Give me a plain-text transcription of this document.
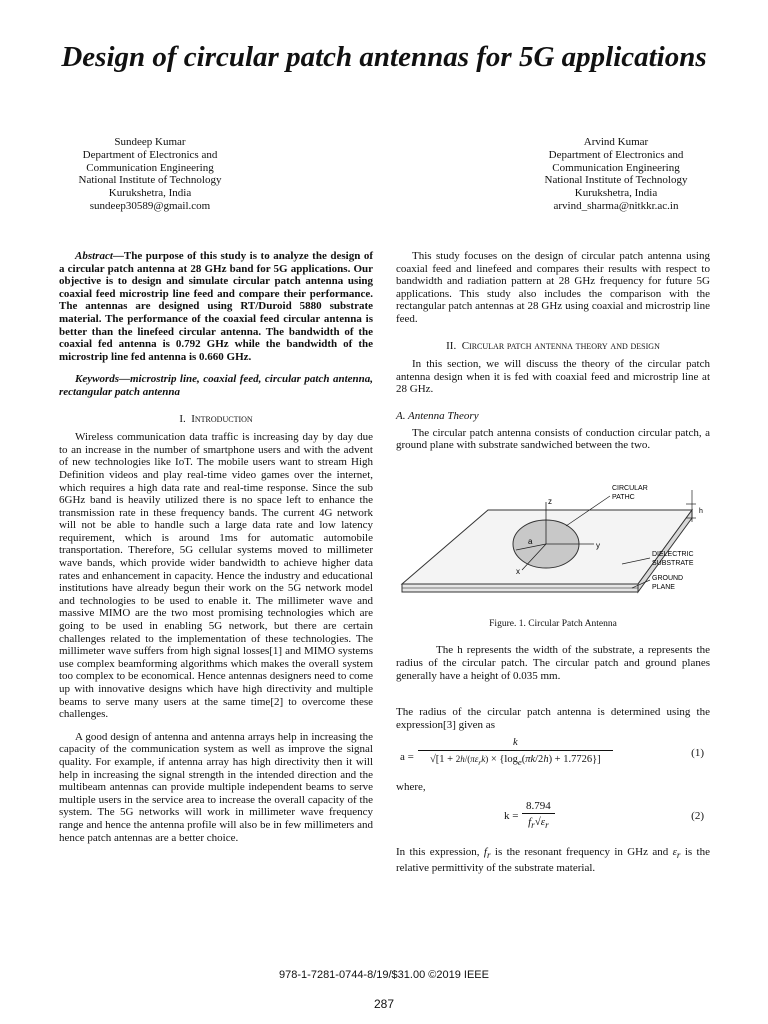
Design of circular patch antennas for 5G applications
Sundeep Kumar
Department of Electronics and
Communication Engineering
National Institute of Technology
Kurukshetra, India
sundeep30589@gmail.com
Arvind Kumar
Department of Electronics and
Communication Engineering
National Institute of Technology
Kurukshetra, India
arvind_sharma@nitkkr.ac.in

Abstract—The purpose of this study is to analyze the design of a circular patch antenna at 28 GHz band for 5G applications. Our objective is to design and simulate circular patch antenna using coaxial feed microstrip line feed and compare their performance. The antennas are designed using RT/Duroid 5880 substrate material. The performance of the coaxial feed circular antenna is better than the linefeed circular antenna. The bandwidth of the coaxial fed antenna is 0.792 GHz while the bandwidth of the microstrip line fed antenna is 0.660 GHz.

Keywords—microstrip line, coaxial feed, circular patch antenna, rectangular patch antenna

I. Introduction

Wireless communication data traffic is increasing day by day due to an increase in the number of smartphone users and with the advent of new technologies like IoT. The mobile users want to stream High Definition videos and play real-time video games over the internet, which requires a high data rate and real-time response. Since the sub 6GHz band is heavily utilized there is no space left to enhance the transmission rate in these frequency bands. The current 4G network will not be able to handle such a large data rate and low latency requirement, which is around 1ms for automatic automobile transportation. Therefore, 5G cellular systems moved to millimeter wave bands, which provide wider bandwidth to achieve higher data rates and enhancement in capacity. Hence the industry and educational institutions have already begun their work on the 5G network model and technologies to be used to enable it. The millimeter wave and massive MIMO are the two most promising technologies which are going to be used in enabling 5G network, but there are certain challenges related to the implementation of these technologies. The millimeter wave suffers from high signal losses[1] and MIMO systems use complex beamforming algorithms which makes the overall system too complex to be economical. Hence antennas designers need to come up with innovative designs which have high directivity and multiple beams to serve many users at the same time[2] to overcome these challenges.

A good design of antenna and antenna arrays help in increasing the capacity of the communication system as well as improve the signal quality. For example, if antenna array has high directivity then it will help in increasing the signal strength in the intended direction and the multibeam antennas can provide multiple independent beams to serve multiple users in the service area to increase the overall capacity of the system. The 5G networks will work in millimeter wave frequency range and hence the antenna profile will also be in few millimeters and hence patch antennas are a better choice.

This study focuses on the design of circular patch antenna using coaxial feed and linefeed and compares their results with respect to bandwidth and radiation pattern at 28 GHz frequency for future 5G applications. This study also includes the comparison with the rectangular patch antennas at 28 GHz using coaxial and microstrip line feed.

II. Circular patch antenna theory and design

In this section, we will discuss the theory of the circular patch antenna design when it is fed with coaxial feed and microstrip line at 28 GHz.

A. Antenna Theory

The circular patch antenna consists of conduction circular patch, a ground plane with substrate sandwiched between the two.

z
y
x
a
h
CIRCULAR
PATHC
DIELECTRIC
SUBSTRATE
GROUND
PLANE
Figure. 1. Circular Patch Antenna

The h represents the width of the substrate, a represents the radius of the circular patch. The circular patch and ground planes generally have a height of 0.035 mm.

The radius of the circular patch antenna is determined using the expression[3] given as

a =
k
$√[1 + 2h/(\pi\varepsilon_rk) \times \{\log_e(\pi k/2h) + 1.7726\}]$
(1)

where,

$k = \frac{8.794}{f_r√\varepsilon_r}$	(2)

In this expression, $f_r$ is the resonant frequency in GHz and $\varepsilon_r$ is the relative permittivity of the substrate material.

978-1-7281-0744-8/19/$31.00 ©2019 IEEE
287
